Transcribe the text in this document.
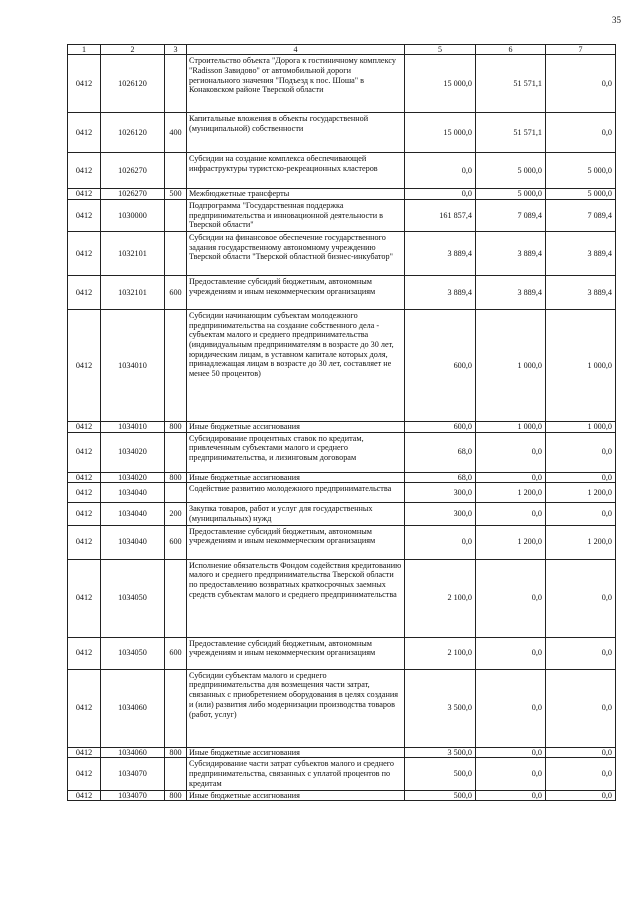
35
1	2	3	4	5	6	7
0412	1026120		Строительство объекта "Дорога к гостиничному комплексу "Radisson Завидово" от автомобильной дороги регионального значения "Подъезд к пос. Шоша" в Конаковском районе Тверской области	15 000,0	51 571,1	0,0
0412	1026120	400	Капитальные вложения в объекты государственной (муниципальной) собственности	15 000,0	51 571,1	0,0
0412	1026270		Субсидии на создание комплекса обеспечивающей инфраструктуры туристско-рекреационных кластеров	0,0	5 000,0	5 000,0
0412	1026270	500	Межбюджетные трансферты	0,0	5 000,0	5 000,0
0412	1030000		Подпрограмма "Государственная поддержка предпринимательства и инновационной деятельности в Тверской области"	161 857,4	7 089,4	7 089,4
0412	1032101		Субсидии на финансовое обеспечение государственного задания государственному автономному учреждению Тверской области "Тверской областной бизнес-инкубатор"	3 889,4	3 889,4	3 889,4
0412	1032101	600	Предоставление субсидий бюджетным, автономным учреждениям и иным некоммерческим организациям	3 889,4	3 889,4	3 889,4
0412	1034010		Субсидии начинающим субъектам молодежного предпринимательства на создание собственного дела - субъектам малого и среднего предпринимательства (индивидуальным предпринимателям в возрасте до 30 лет, юридическим лицам, в уставном капитале которых доля, принадлежащая лицам в возрасте до 30 лет, составляет не менее 50 процентов)	600,0	1 000,0	1 000,0
0412	1034010	800	Иные бюджетные ассигнования	600,0	1 000,0	1 000,0
0412	1034020		Субсидирование процентных ставок по кредитам, привлеченным субъектами малого и среднего предпринимательства, и лизинговым договорам	68,0	0,0	0,0
0412	1034020	800	Иные бюджетные ассигнования	68,0	0,0	0,0
0412	1034040		Содействие развитию молодежного предпринимательства	300,0	1 200,0	1 200,0
0412	1034040	200	Закупка товаров, работ и услуг для государственных (муниципальных) нужд	300,0	0,0	0,0
0412	1034040	600	Предоставление субсидий бюджетным, автономным учреждениям и иным некоммерческим организациям	0,0	1 200,0	1 200,0
0412	1034050		Исполнение обязательств Фондом содействия кредитованию малого и среднего предпринимательства Тверской области по предоставлению возвратных краткосрочных заемных средств субъектам малого и среднего предпринимательства	2 100,0	0,0	0,0
0412	1034050	600	Предоставление субсидий бюджетным, автономным учреждениям и иным некоммерческим организациям	2 100,0	0,0	0,0
0412	1034060		Субсидии субъектам малого и среднего предпринимательства для возмещения части затрат, связанных с приобретением оборудования в целях создания и (или) развития либо модернизации производства товаров (работ, услуг)	3 500,0	0,0	0,0
0412	1034060	800	Иные бюджетные ассигнования	3 500,0	0,0	0,0
0412	1034070		Субсидирование части затрат субъектов малого и среднего предпринимательства, связанных с уплатой процентов по кредитам	500,0	0,0	0,0
0412	1034070	800	Иные бюджетные ассигнования	500,0	0,0	0,0
